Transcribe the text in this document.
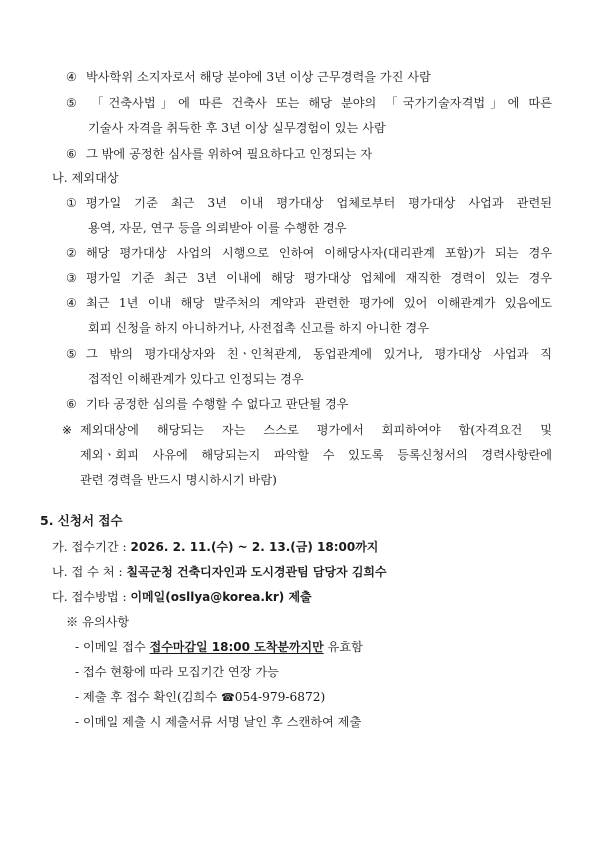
④ 박사학위 소지자로서 해당 분야에 3년 이상 근무경력을 가진 사람
⑤ 「건축사법」에 따른 건축사 또는 해당 분야의 「국가기술자격법」에 따른
기술사 자격을 취득한 후 3년 이상 실무경험이 있는 사람
⑥ 그 밖에 공정한 심사를 위하여 필요하다고 인정되는 자
나. 제외대상
① 평가일 기준 최근 3년 이내 평가대상 업체로부터 평가대상 사업과 관련된
용역, 자문, 연구 등을 의뢰받아 이를 수행한 경우
② 해당 평가대상 사업의 시행으로 인하여 이해당사자(대리관계 포함)가 되는 경우
③ 평가일 기준 최근 3년 이내에 해당 평가대상 업체에 재직한 경력이 있는 경우
④ 최근 1년 이내 해당 발주처의 계약과 관련한 평가에 있어 이해관계가 있음에도
회피 신청을 하지 아니하거나, 사전접촉 신고를 하지 아니한 경우
⑤ 그 밖의 평가대상자와 친ㆍ인척관계, 동업관계에 있거나, 평가대상 사업과 직
접적인 이해관계가 있다고 인정되는 경우
⑥ 기타 공정한 심의를 수행할 수 없다고 판단될 경우
※ 제외대상에 해당되는 자는 스스로 평가에서 회피하여야 함(자격요건 및
제외ㆍ회피 사유에 해당되는지 파악할 수 있도록 등록신청서의 경력사항란에
관련 경력을 반드시 명시하시기 바람)
5. 신청서 접수
가. 접수기간 : 2026. 2. 11.(수) ~ 2. 13.(금) 18:00까지
나. 접 수 처 : 칠곡군청 건축디자인과 도시경관팀 담당자 김희수
다. 접수방법 : 이메일(osllya@korea.kr) 제출
※ 유의사항
- 이메일 접수 접수마감일 18:00 도착분까지만 유효함
- 접수 현황에 따라 모집기간 연장 가능
- 제출 후 접수 확인(김희수 ☎054-979-6872)
- 이메일 제출 시 제출서류 서명 날인 후 스캔하여 제출
